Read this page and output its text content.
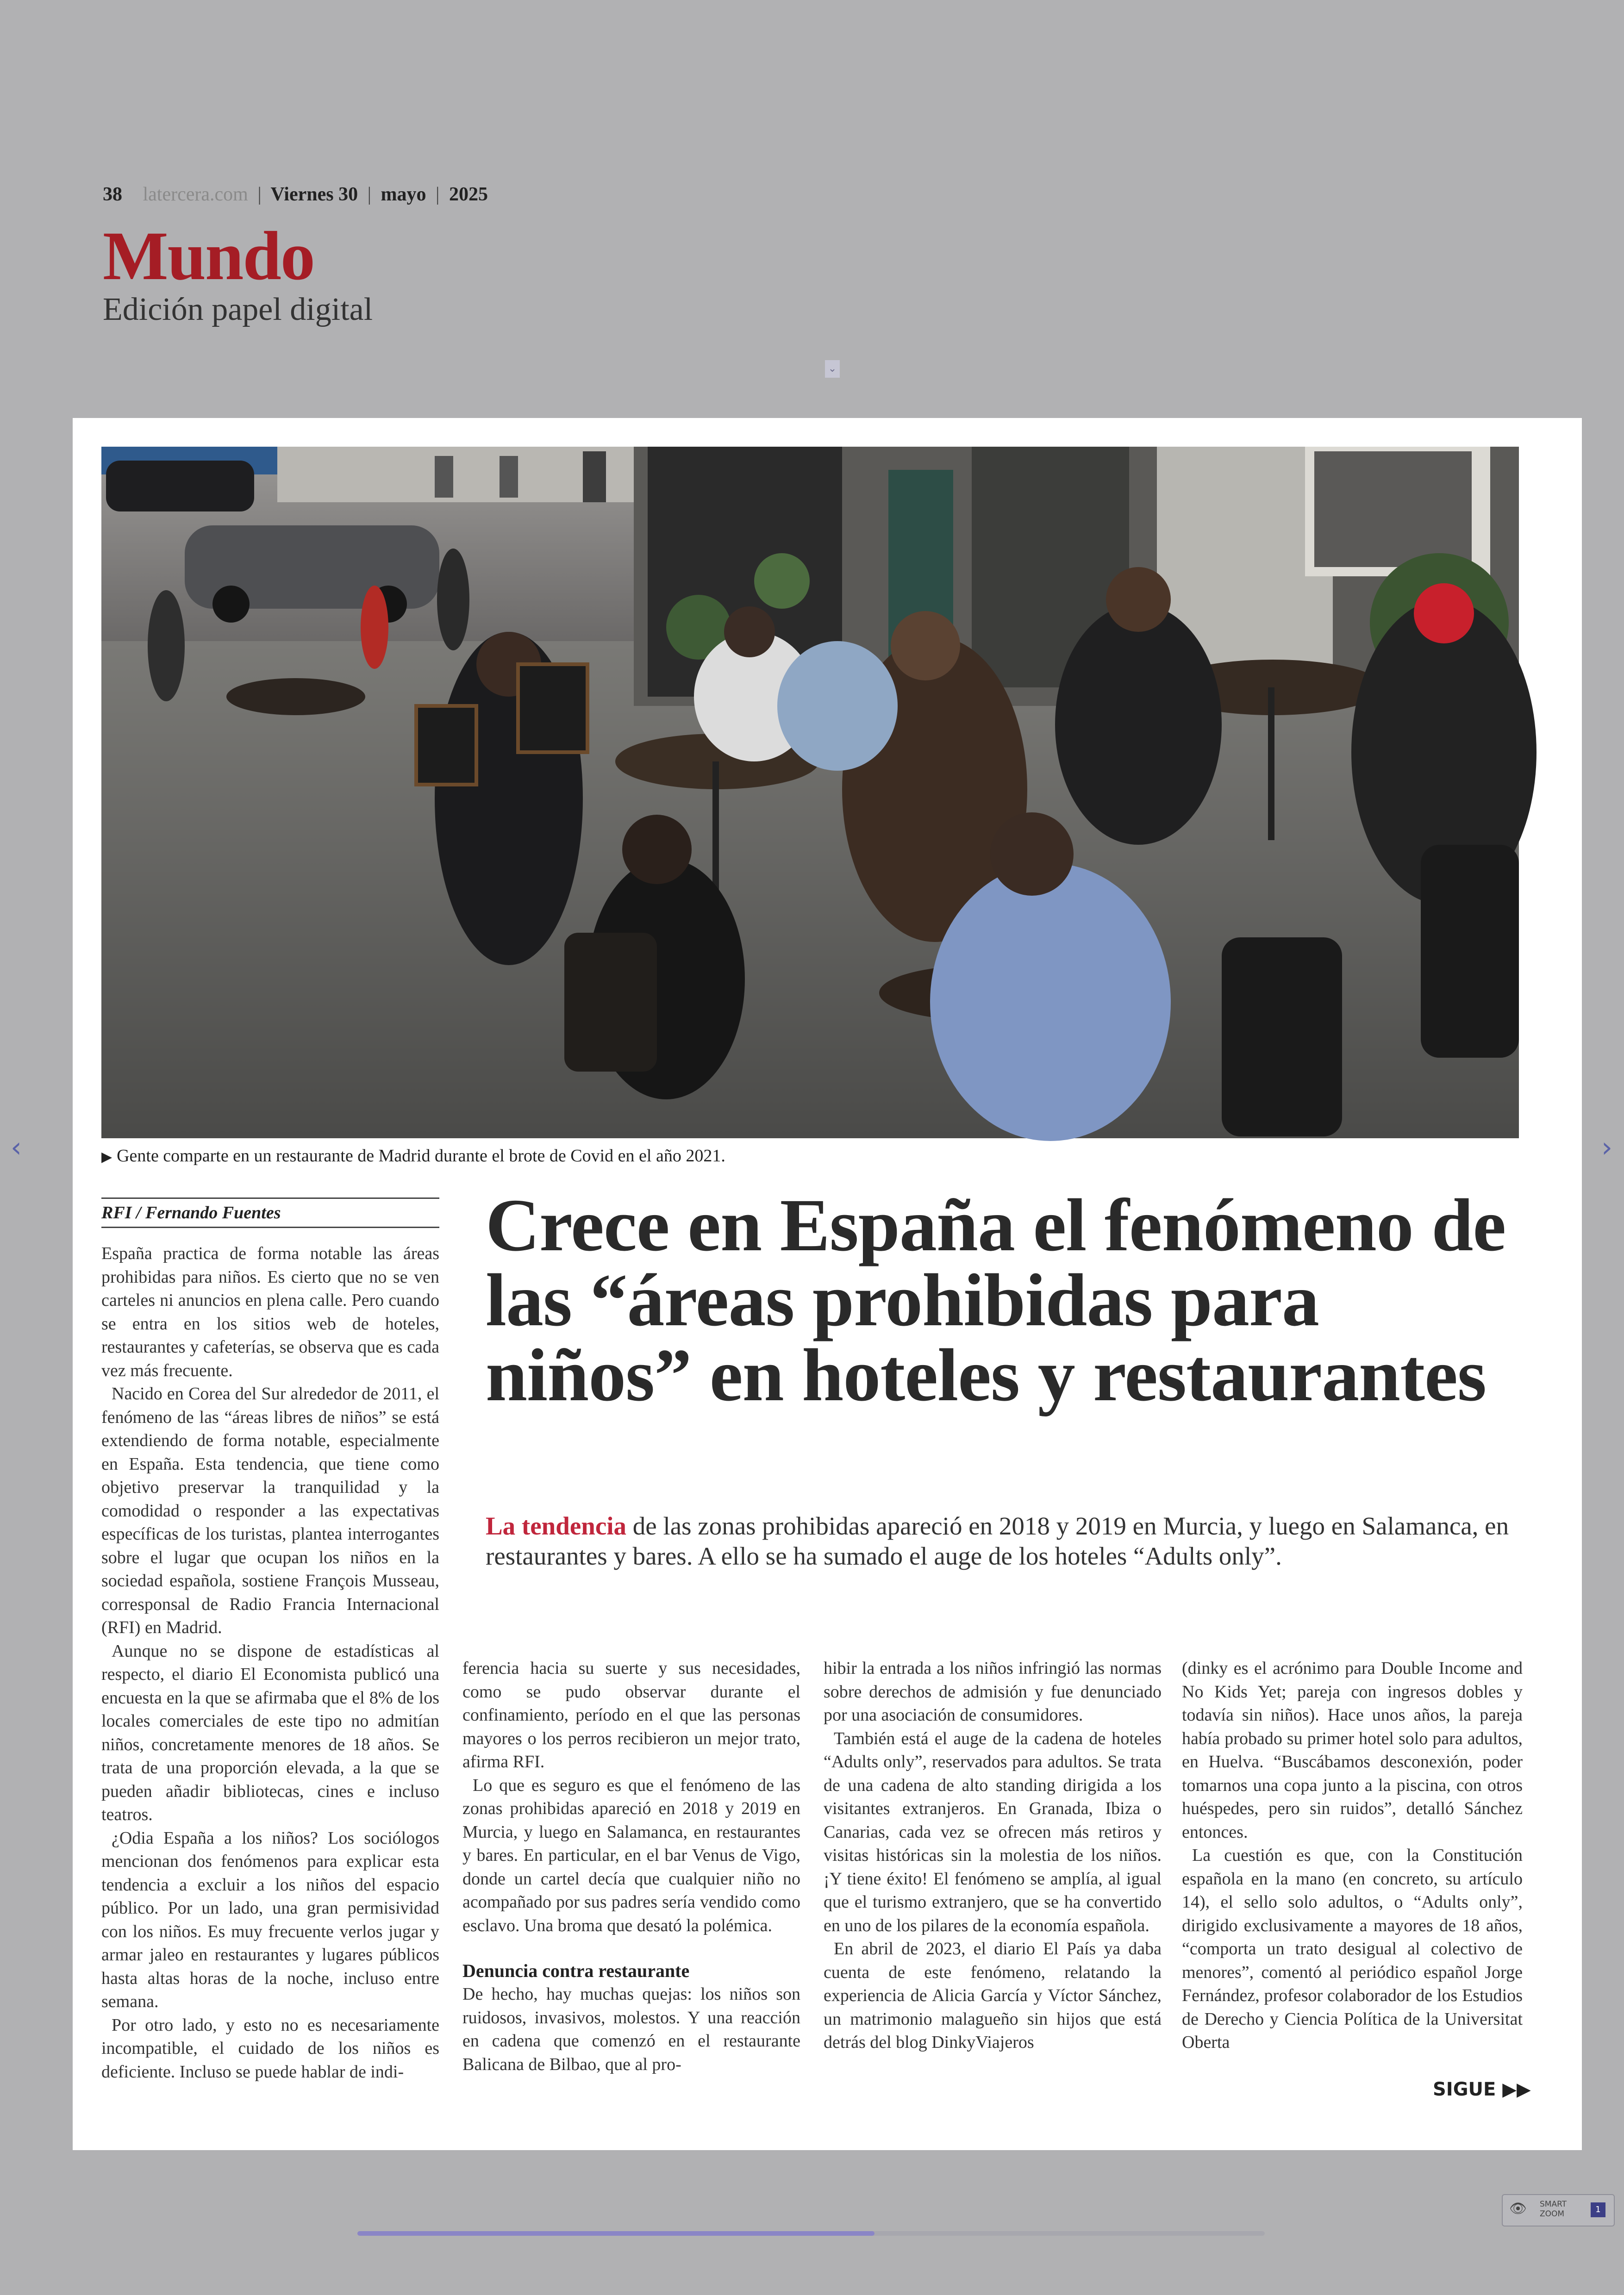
38 latercera.com | Viernes 30 | mayo | 2025
Mundo
Edición papel digital
⌄
▶ Gente comparte en un restaurante de Madrid durante el brote de Covid en el año 2021.
RFI / Fernando Fuentes	Crece en España el fenómeno de las “áreas prohibidas para niños” en hoteles y restaurantes

La tendencia de las zonas prohibidas apareció en 2018 y 2019 en Murcia, y luego en Salamanca, en restaurantes y bares. A ello se ha sumado el auge de los hoteles “Adults only”.

España practica de forma notable las áreas prohibidas para niños. Es cierto que no se ven carteles ni anuncios en plena calle. Pero cuando se entra en los sitios web de hoteles, restaurantes y cafeterías, se observa que es cada vez más frecuente.

Nacido en Corea del Sur alrededor de 2011, el fenómeno de las “áreas libres de niños” se está extendiendo de forma notable, especialmente en España. Esta tendencia, que tiene como objetivo preservar la tranquilidad y la comodidad o responder a las expectativas específicas de los turistas, plantea interrogantes sobre el lugar que ocupan los niños en la sociedad española, sostiene François Musseau, corresponsal de Radio Francia Internacional (RFI) en Madrid.

Aunque no se dispone de estadísticas al respecto, el diario El Economista publicó una encuesta en la que se afirmaba que el 8% de los locales comerciales de este tipo no admitían niños, concretamente menores de 18 años. Se trata de una proporción elevada, a la que se pueden añadir bibliotecas, cines e incluso teatros.

¿Odia España a los niños? Los sociólogos mencionan dos fenómenos para explicar esta tendencia a excluir a los niños del espacio público. Por un lado, una gran permisividad con los niños. Es muy frecuente verlos jugar y armar jaleo en restaurantes y lugares públicos hasta altas horas de la noche, incluso entre semana.

Por otro lado, y esto no es necesariamente incompatible, el cuidado de los niños es deficiente. Incluso se puede hablar de indi-

ferencia hacia su suerte y sus necesidades, como se pudo observar durante el confinamiento, período en el que las personas mayores o los perros recibieron un mejor trato, afirma RFI.

Lo que es seguro es que el fenómeno de las zonas prohibidas apareció en 2018 y 2019 en Murcia, y luego en Salamanca, en restaurantes y bares. En particular, en el bar Venus de Vigo, donde un cartel decía que cualquier niño no acompañado por sus padres sería vendido como esclavo. Una broma que desató la polémica.

Denuncia contra restaurante

De hecho, hay muchas quejas: los niños son ruidosos, invasivos, molestos. Y una reacción en cadena que comenzó en el restaurante Balicana de Bilbao, que al pro-

hibir la entrada a los niños infringió las normas sobre derechos de admisión y fue denunciado por una asociación de consumidores.

También está el auge de la cadena de hoteles “Adults only”, reservados para adultos. Se trata de una cadena de alto standing dirigida a los visitantes extranjeros. En Granada, Ibiza o Canarias, cada vez se ofrecen más retiros y visitas históricas sin la molestia de los niños. ¡Y tiene éxito! El fenómeno se amplía, al igual que el turismo extranjero, que se ha convertido en uno de los pilares de la economía española.

En abril de 2023, el diario El País ya daba cuenta de este fenómeno, relatando la experiencia de Alicia García y Víctor Sánchez, un matrimonio malagueño sin hijos que está detrás del blog DinkyViajeros

(dinky es el acrónimo para Double Income and No Kids Yet; pareja con ingresos dobles y todavía sin niños). Hace unos años, la pareja había probado su primer hotel solo para adultos, en Huelva. “Buscábamos desconexión, poder tomarnos una copa junto a la piscina, con otros huéspedes, pero sin ruidos”, detalló Sánchez entonces.

La cuestión es que, con la Constitución española en la mano (en concreto, su artículo 14), el sello solo adultos, o “Adults only”, dirigido exclusivamente a mayores de 18 años, “comporta un trato desigual al colectivo de menores”, comentó al periódico español Jorge Fernández, profesor colaborador de los Estudios de Derecho y Ciencia Política de la Universitat Oberta

SIGUE ▶▶
‹	›
👁 SMART
ZOOM	1
